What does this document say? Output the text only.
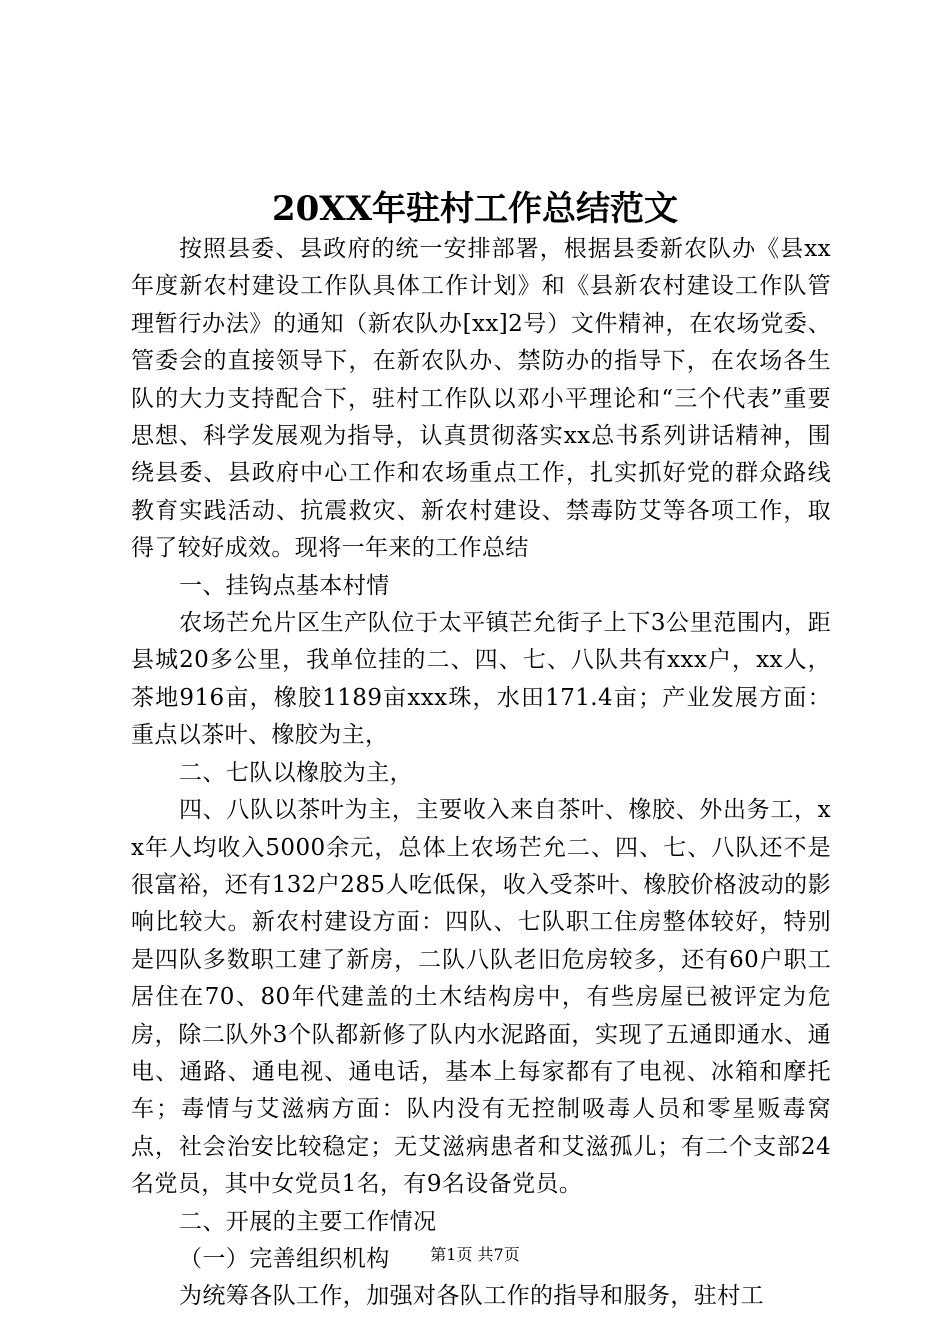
20XX年驻村工作总结范文

按照县委、县政府的统一安排部署，根据县委新农队办《县xx年度新农村建设工作队具体工作计划》和《县新农村建设工作队管理暂行办法》的通知（新农队办[xx]2号）文件精神，在农场党委、管委会的直接领导下，在新农队办、禁防办的指导下，在农场各生队的大力支持配合下，驻村工作队以邓小平理论和“三个代表”重要思想、科学发展观为指导，认真贯彻落实xx总书系列讲话精神，围绕县委、县政府中心工作和农场重点工作，扎实抓好党的群众路线教育实践活动、抗震救灾、新农村建设、禁毒防艾等各项工作，取得了较好成效。现将一年来的工作总结

一、挂钩点基本村情

农场芒允片区生产队位于太平镇芒允街子上下3公里范围内，距县城20多公里，我单位挂的二、四、七、八队共有xxx户，xx人，茶地916亩，橡胶1189亩xxx珠，水田171.4亩；产业发展方面：重点以茶叶、橡胶为主，

二、七队以橡胶为主，

四、八队以茶叶为主，主要收入来自茶叶、橡胶、外出务工，xx年人均收入5000余元，总体上农场芒允二、四、七、八队还不是很富裕，还有132户285人吃低保，收入受茶叶、橡胶价格波动的影响比较大。新农村建设方面：四队、七队职工住房整体较好，特别是四队多数职工建了新房，二队八队老旧危房较多，还有60户职工居住在70、80年代建盖的土木结构房中，有些房屋已被评定为危房，除二队外3个队都新修了队内水泥路面，实现了五通即通水、通电、通路、通电视、通电话，基本上每家都有了电视、冰箱和摩托车；毒情与艾滋病方面：队内没有无控制吸毒人员和零星贩毒窝点，社会治安比较稳定；无艾滋病患者和艾滋孤儿；有二个支部24名党员，其中女党员1名，有9名设备党员。

二、开展的主要工作情况

（一）完善组织机构

为统筹各队工作，加强对各队工作的指导和服务，驻村工

第1页 共7页
